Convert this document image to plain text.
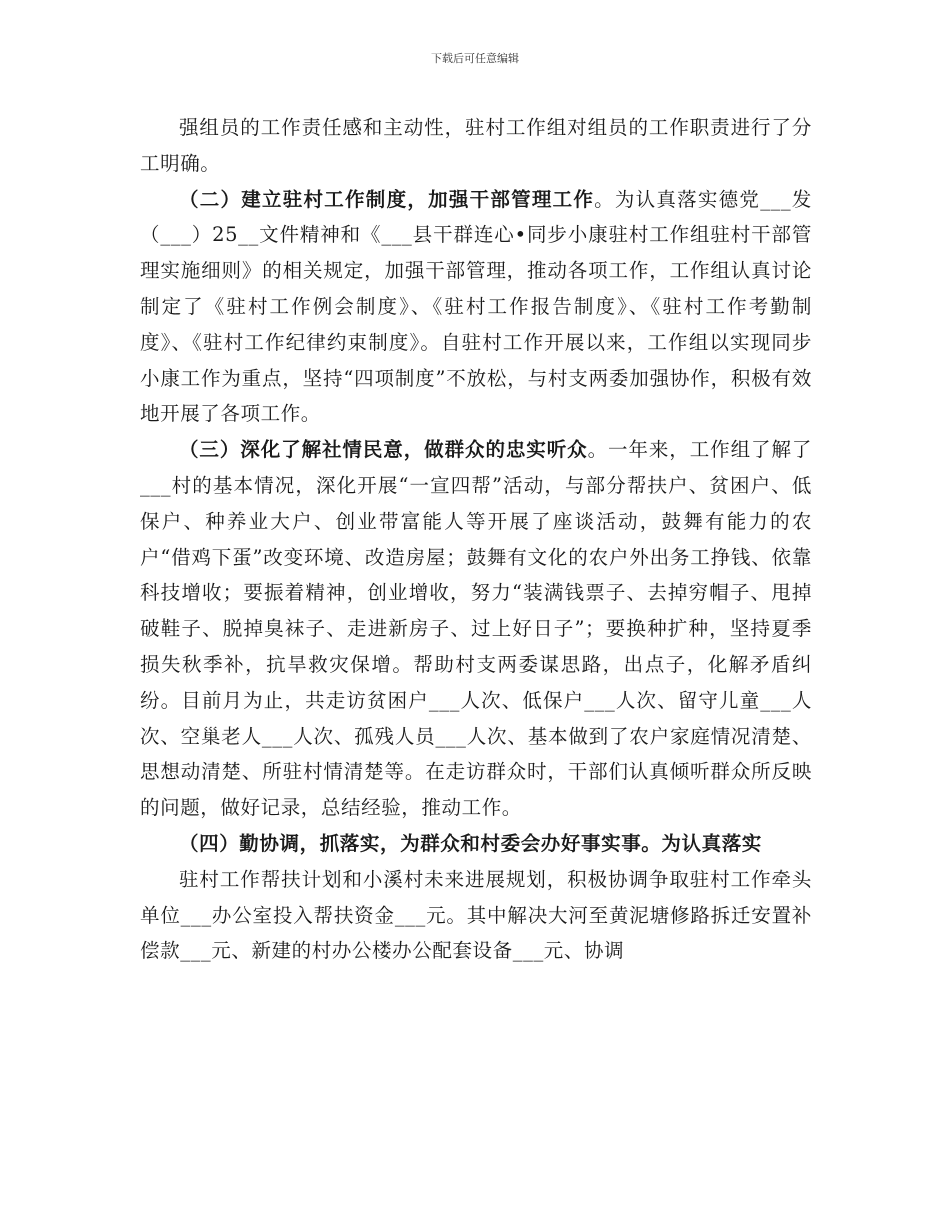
下载后可任意编辑

强组员的工作责任感和主动性，驻村工作组对组员的工作职责进行了分工明确。

（二）建立驻村工作制度，加强干部管理工作。为认真落实德党___发（___）25__文件精神和《___县干群连心•同步小康驻村工作组驻村干部管理实施细则》的相关规定，加强干部管理，推动各项工作，工作组认真讨论制定了《驻村工作例会制度》、《驻村工作报告制度》、《驻村工作考勤制度》、《驻村工作纪律约束制度》。自驻村工作开展以来，工作组以实现同步小康工作为重点，坚持“四项制度”不放松，与村支两委加强协作，积极有效地开展了各项工作。

（三）深化了解社情民意，做群众的忠实听众。一年来，工作组了解了___村的基本情况，深化开展“一宣四帮”活动，与部分帮扶户、贫困户、低保户、种养业大户、创业带富能人等开展了座谈活动，鼓舞有能力的农户“借鸡下蛋”改变环境、改造房屋；鼓舞有文化的农户外出务工挣钱、依靠科技增收；要振着精神，创业增收，努力“装满钱票子、去掉穷帽子、甩掉破鞋子、脱掉臭袜子、走进新房子、过上好日子”；要换种扩种，坚持夏季损失秋季补，抗旱救灾保增。帮助村支两委谋思路，出点子，化解矛盾纠纷。目前月为止，共走访贫困户___人次、低保户___人次、留守儿童___人次、空巢老人___人次、孤残人员___人次、基本做到了农户家庭情况清楚、思想动清楚、所驻村情清楚等。在走访群众时，干部们认真倾听群众所反映的问题，做好记录，总结经验，推动工作。

（四）勤协调，抓落实，为群众和村委会办好事实事。为认真落实

驻村工作帮扶计划和小溪村未来进展规划，积极协调争取驻村工作牵头单位___办公室投入帮扶资金___元。其中解决大河至黄泥塘修路拆迁安置补偿款___元、新建的村办公楼办公配套设备___元、协调
